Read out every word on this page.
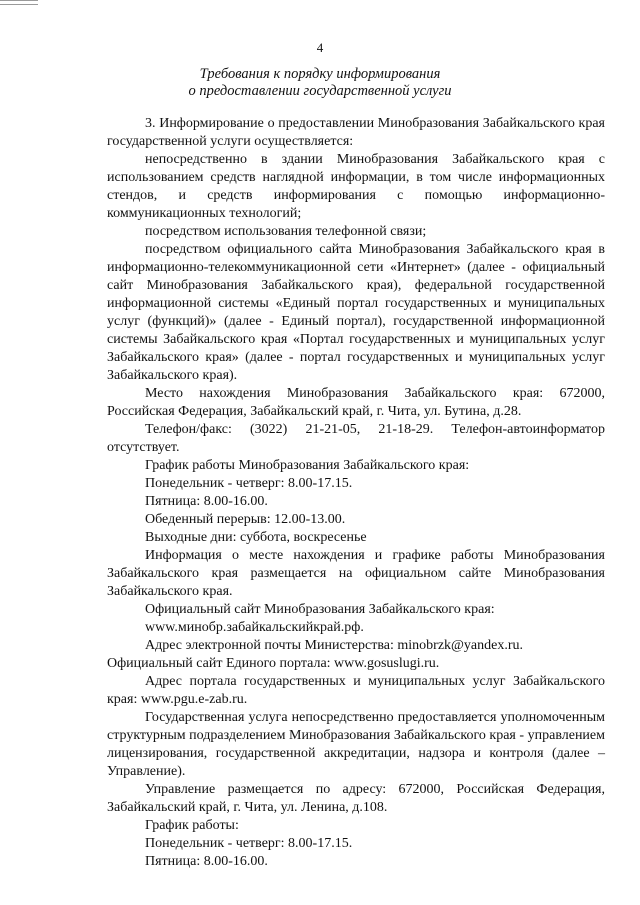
4
Требования к порядку информирования
о предоставлении государственной услуги

3. Информирование о предоставлении Минобразования Забайкальского края государственной услуги осуществляется:

непосредственно в здании Минобразования Забайкальского края с использованием средств наглядной информации, в том числе информационных стендов, и средств информирования с помощью информационно-коммуникационных технологий;

посредством использования телефонной связи;

посредством официального сайта Минобразования Забайкальского края в информационно-телекоммуникационной сети «Интернет» (далее - официальный сайт Минобразования Забайкальского края), федеральной государственной информационной системы «Единый портал государственных и муниципальных услуг (функций)» (далее - Единый портал), государственной информационной системы Забайкальского края «Портал государственных и муниципальных услуг Забайкальского края» (далее - портал государственных и муниципальных услуг Забайкальского края).

Место нахождения Минобразования Забайкальского края: 672000, Российская Федерация, Забайкальский край, г. Чита, ул. Бутина, д.28.

Телефон/факс: (3022) 21-21-05, 21-18-29. Телефон-автоинформатор отсутствует.

График работы Минобразования Забайкальского края:

Понедельник - четверг: 8.00-17.15.

Пятница: 8.00-16.00.

Обеденный перерыв: 12.00-13.00.

Выходные дни: суббота, воскресенье

Информация о месте нахождения и графике работы Минобразования Забайкальского края размещается на официальном сайте Минобразования Забайкальского края.

Официальный сайт Минобразования Забайкальского края:

www.минобр.забайкальскийкрай.рф.

Адрес электронной почты Министерства: minobrzk@yandex.ru.

Официальный сайт Единого портала: www.gosuslugi.ru.

Адрес портала государственных и муниципальных услуг Забайкальского края: www.pgu.e-zab.ru.

Государственная услуга непосредственно предоставляется уполномоченным структурным подразделением Минобразования Забайкальского края - управлением лицензирования, государственной аккредитации, надзора и контроля (далее – Управление).

Управление размещается по адресу: 672000, Российская Федерация, Забайкальский край, г. Чита, ул. Ленина, д.108.

График работы:

Понедельник - четверг: 8.00-17.15.

Пятница: 8.00-16.00.
